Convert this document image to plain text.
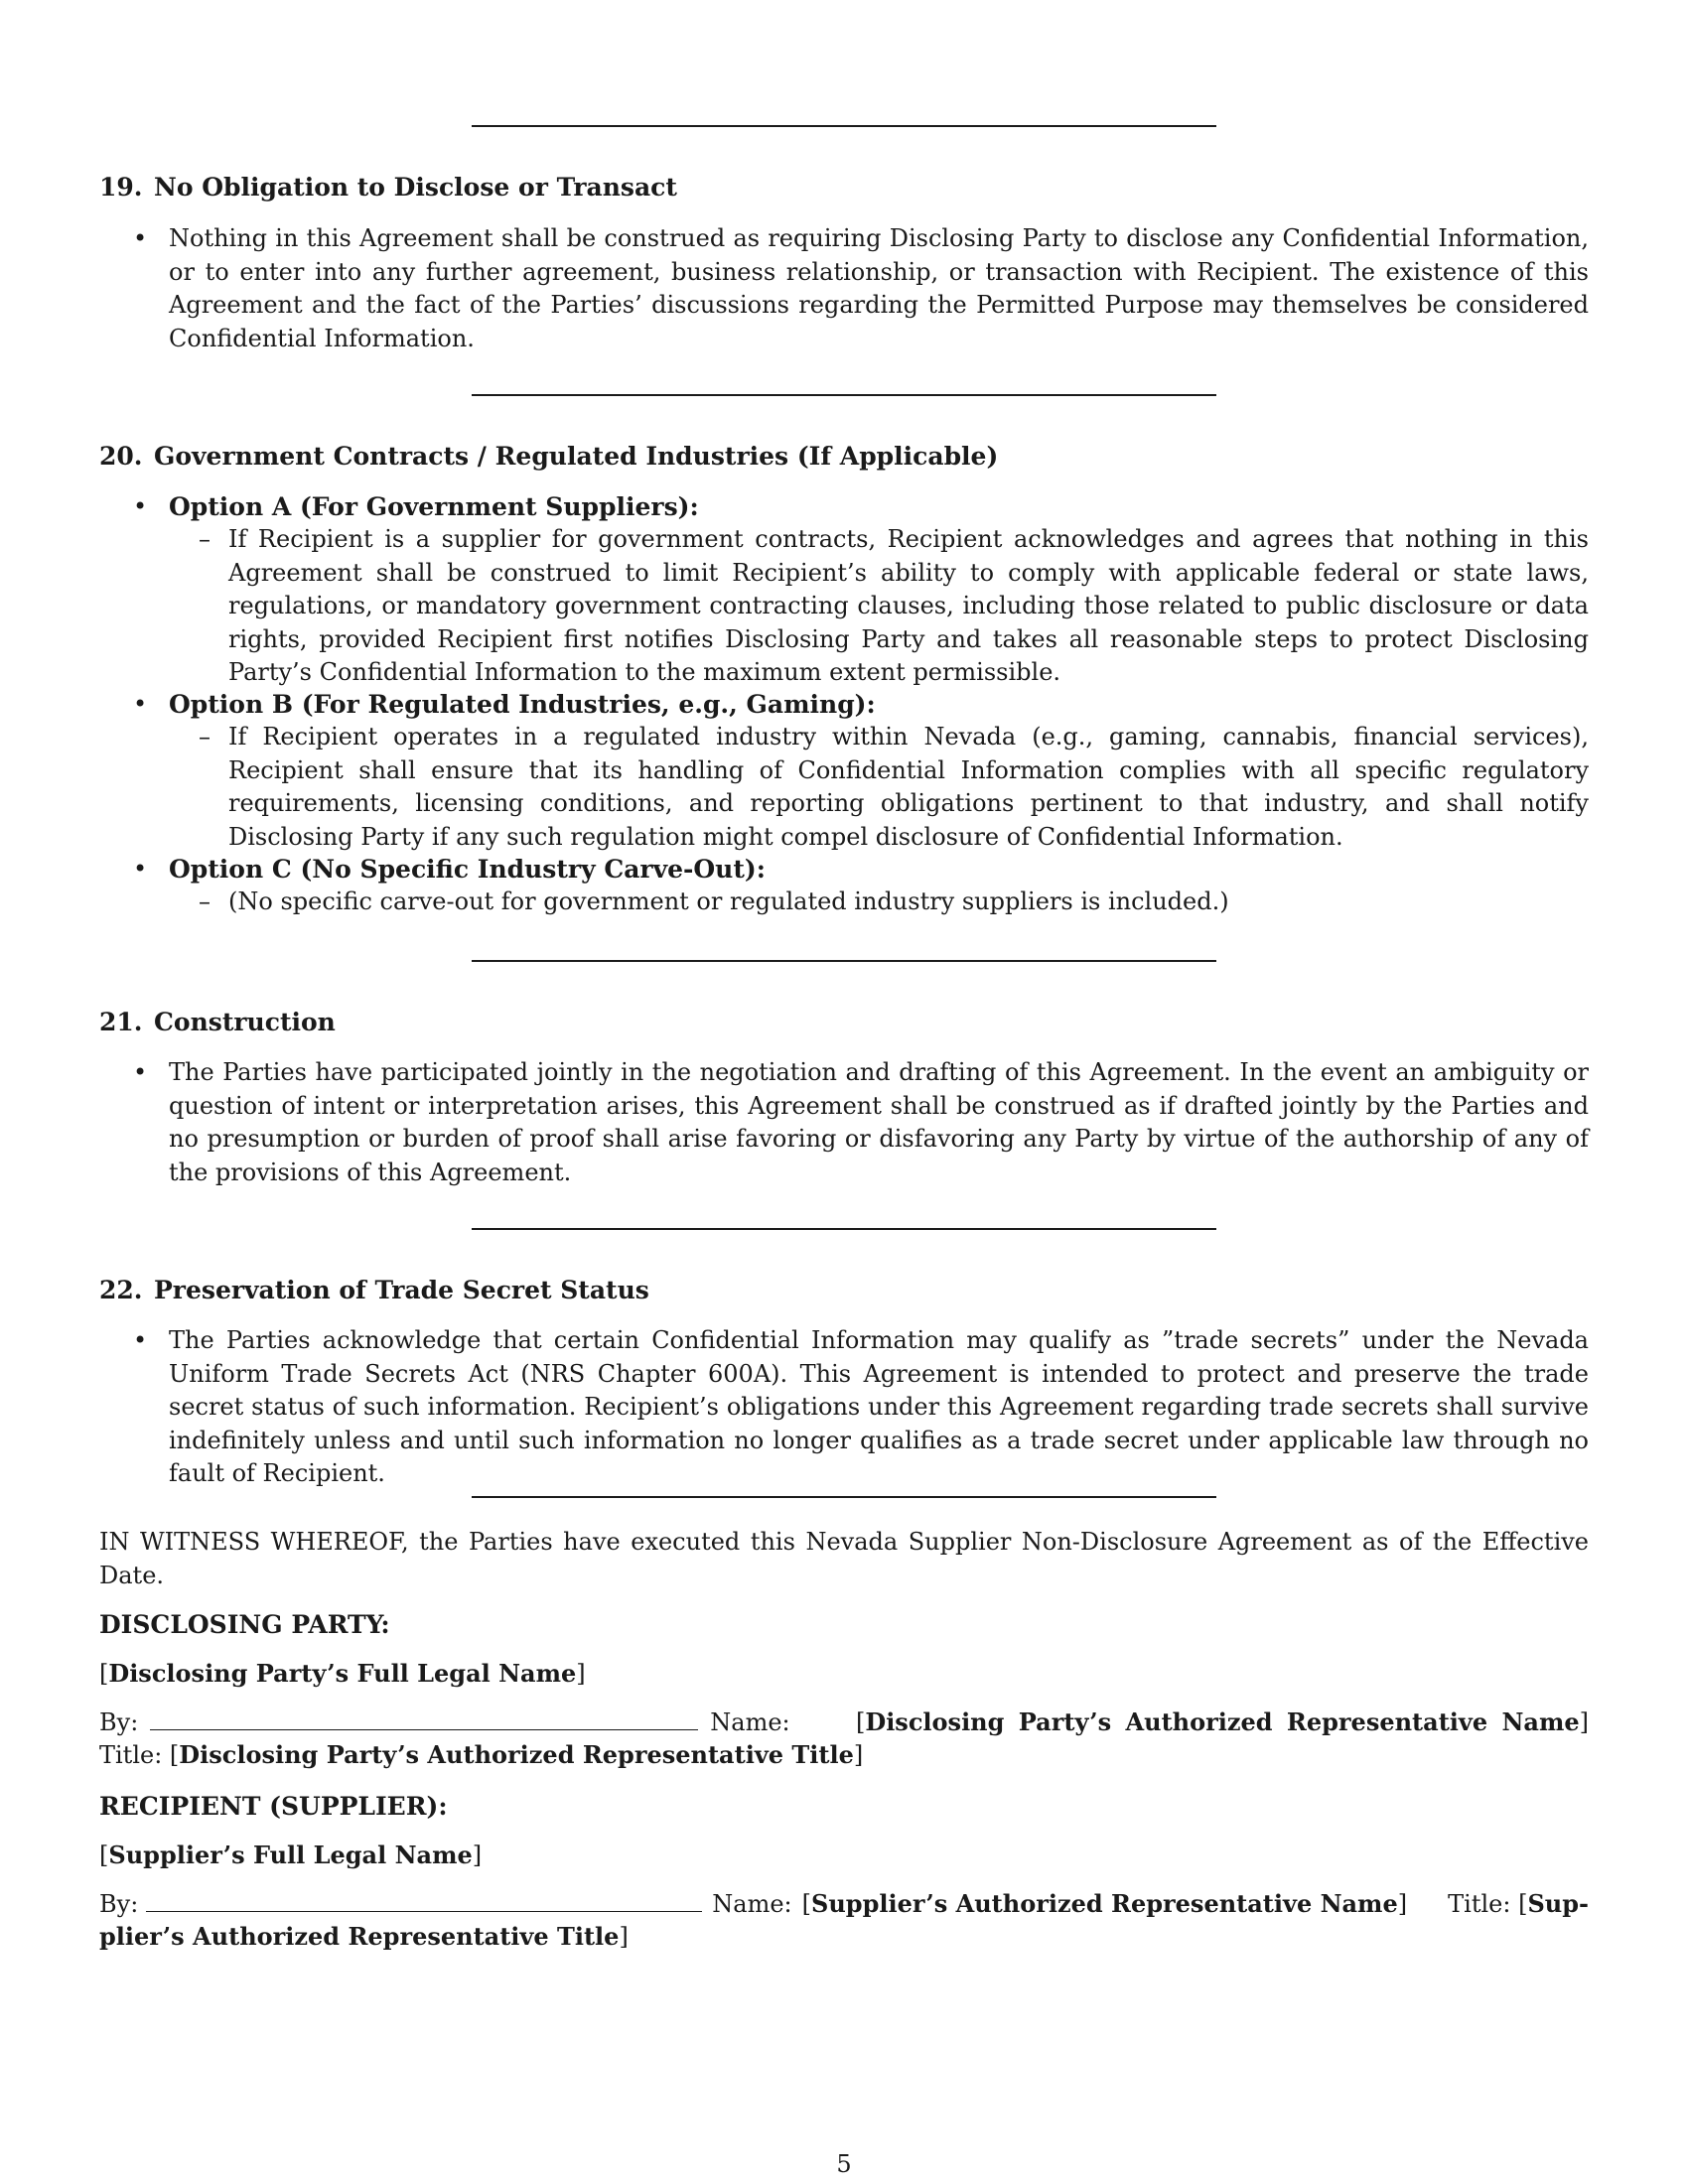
19. No Obligation to Disclose or Transact
• Nothing in this Agreement shall be construed as requiring Disclosing Party to disclose any Confidential Information, or to enter into any further agreement, business relationship, or transaction with Recipient. The existence of this Agreement and the fact of the Parties’ discussions regarding the Permitted Purpose may themselves be considered Confidential Information.
20. Government Contracts / Regulated Industries (If Applicable)
• Option A (For Government Suppliers):
– If Recipient is a supplier for government contracts, Recipient acknowledges and agrees that nothing in this Agreement shall be construed to limit Recipient’s ability to comply with applicable federal or state laws, regulations, or mandatory government contracting clauses, including those related to public disclosure or data rights, provided Recipient first notifies Disclosing Party and takes all reasonable steps to protect Disclosing Party’s Confidential Information to the maximum extent permissible.
• Option B (For Regulated Industries, e.g., Gaming):
– If Recipient operates in a regulated industry within Nevada (e.g., gaming, cannabis, financial services), Recipient shall ensure that its handling of Confidential Information complies with all specific regulatory requirements, licensing conditions, and reporting obligations pertinent to that industry, and shall notify Disclosing Party if any such regulation might compel disclosure of Confidential Information.
• Option C (No Specific Industry Carve-Out):
– (No specific carve-out for government or regulated industry suppliers is included.)
21. Construction
• The Parties have participated jointly in the negotiation and drafting of this Agreement. In the event an ambiguity or question of intent or interpretation arises, this Agreement shall be construed as if drafted jointly by the Parties and no presumption or burden of proof shall arise favoring or disfavoring any Party by virtue of the authorship of any of the provisions of this Agreement.
22. Preservation of Trade Secret Status
• The Parties acknowledge that certain Confidential Information may qualify as ”trade secrets” under the Nevada Uniform Trade Secrets Act (NRS Chapter 600A). This Agreement is intended to protect and preserve the trade secret status of such information. Recipient’s obligations under this Agreement regarding trade secrets shall survive indefinitely unless and until such information no longer qualifies as a trade secret under applicable law through no fault of Recipient.
IN WITNESS WHEREOF, the Parties have executed this Nevada Supplier Non-Disclosure Agreement as of the Effective Date.
DISCLOSING PARTY:
[Disclosing Party’s Full Legal Name]
By:	Name:	[Disclosing Party’s Authorized Representative Name]
Title: [Disclosing Party’s Authorized Representative Title]
RECIPIENT (SUPPLIER):
[Supplier’s Full Legal Name]
By:	Name: [Supplier’s Authorized Representative Name]	Title: [Sup-
plier’s Authorized Representative Title]
5
